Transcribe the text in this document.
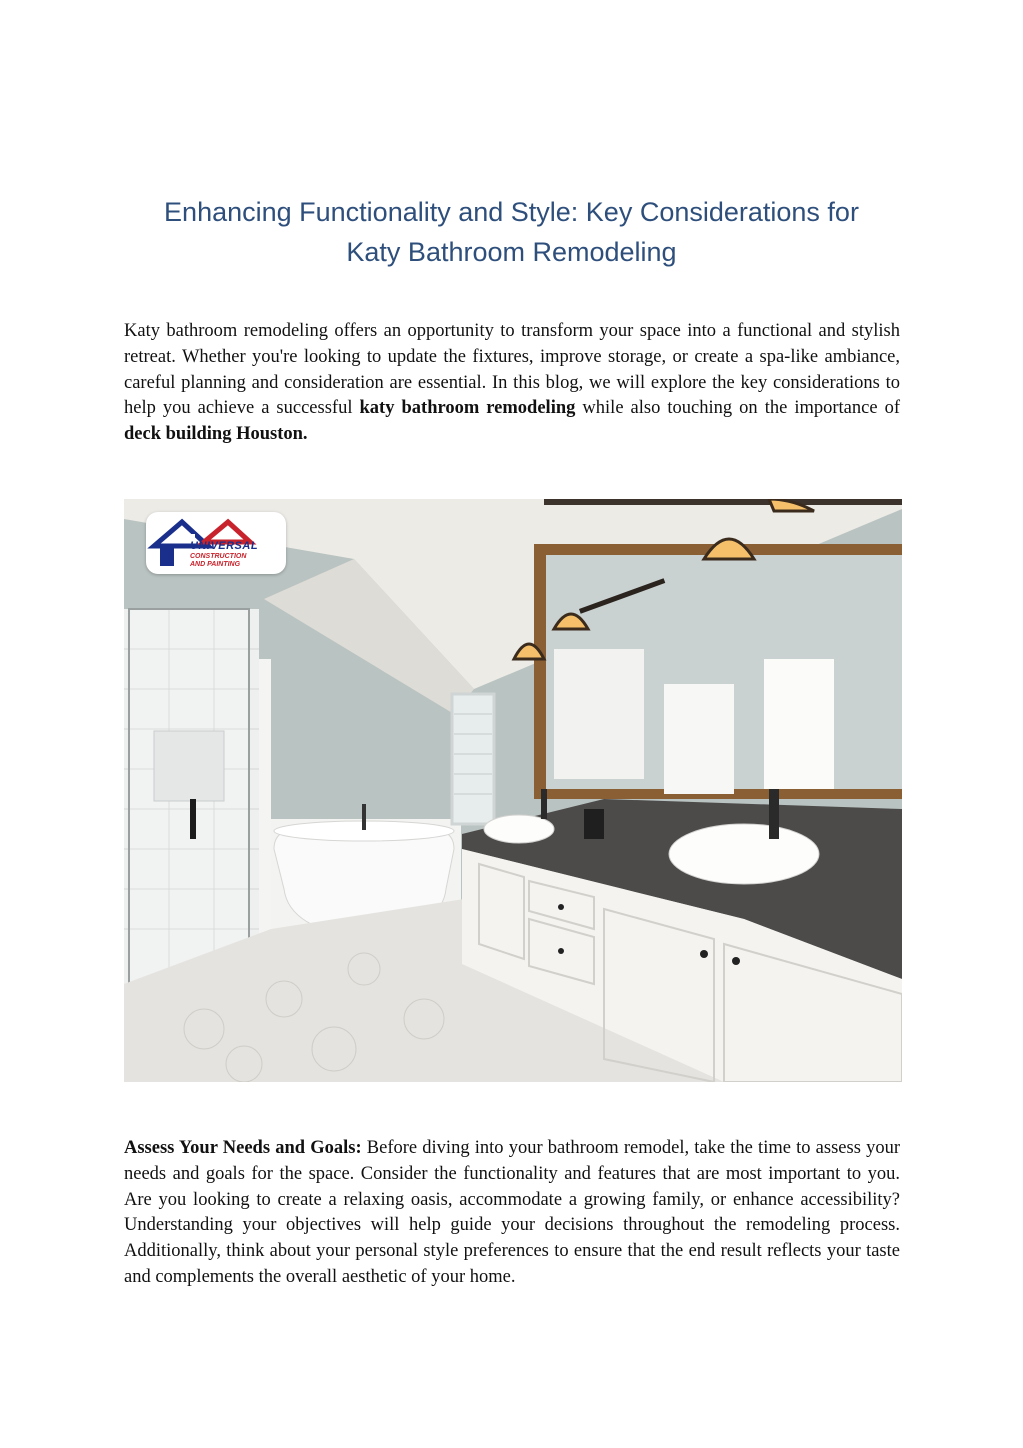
Enhancing Functionality and Style: Key Considerations for
Katy Bathroom Remodeling

Katy bathroom remodeling offers an opportunity to transform your space into a functional and stylish retreat. Whether you're looking to update the fixtures, improve storage, or create a spa-like ambiance, careful planning and consideration are essential. In this blog, we will explore the key considerations to help you achieve a successful katy bathroom remodeling while also touching on the importance of deck building Houston.

UNIVERSAL
CONSTRUCTION
AND PAINTING

Assess Your Needs and Goals: Before diving into your bathroom remodel, take the time to assess your needs and goals for the space. Consider the functionality and features that are most important to you. Are you looking to create a relaxing oasis, accommodate a growing family, or enhance accessibility? Understanding your objectives will help guide your decisions throughout the remodeling process. Additionally, think about your personal style preferences to ensure that the end result reflects your taste and complements the overall aesthetic of your home.
